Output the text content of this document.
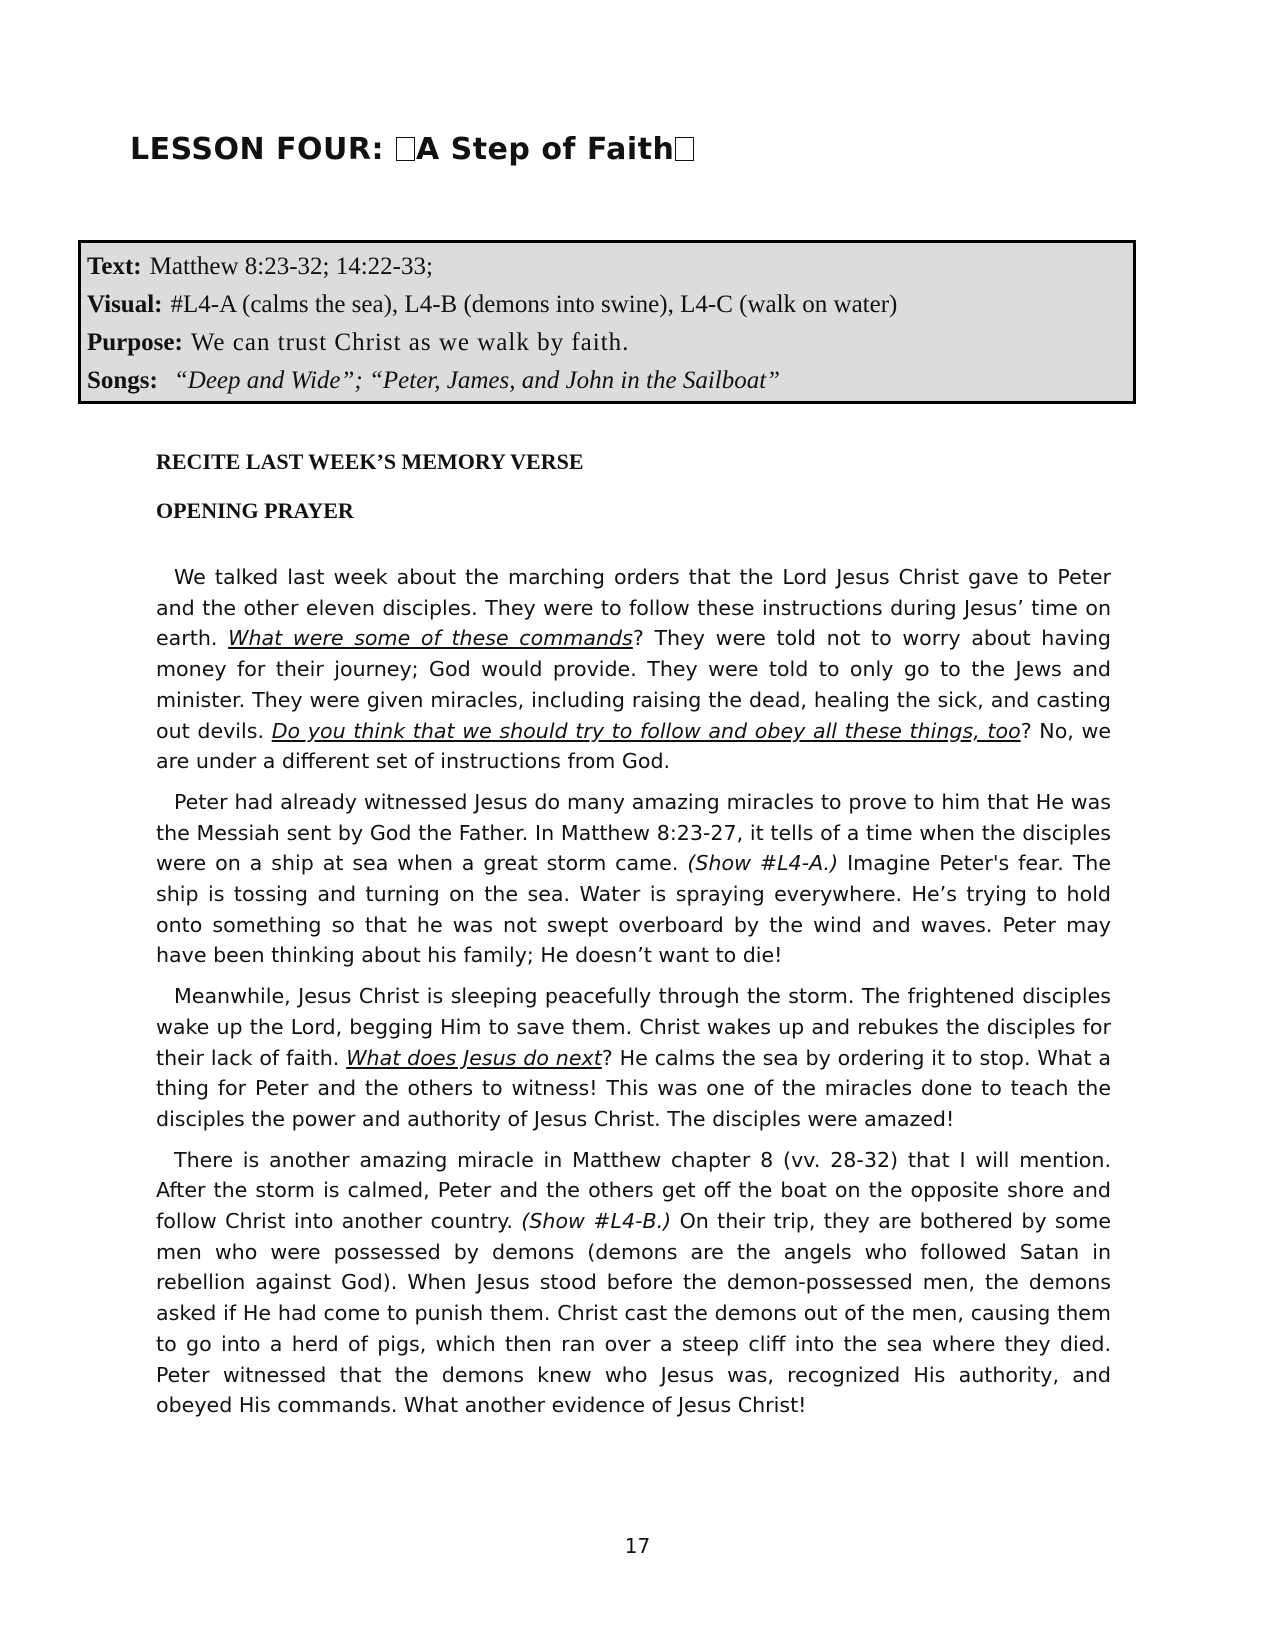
LESSON FOUR: A Step of Faith
Text: Matthew 8:23-32; 14:22-33;
Visual: #L4-A (calms the sea), L4-B (demons into swine), L4-C (walk on water)
Purpose: We can trust Christ as we walk by faith.
Songs: “Deep and Wide”; “Peter, James, and John in the Sailboat”
RECITE LAST WEEK’S MEMORY VERSE
OPENING PRAYER

We talked last week about the marching orders that the Lord Jesus Christ gave to Peter and the other eleven disciples. They were to follow these instructions during Jesus’ time on earth. What were some of these commands? They were told not to worry about having money for their journey; God would provide. They were told to only go to the Jews and minister. They were given miracles, including raising the dead, healing the sick, and casting out devils. Do you think that we should try to follow and obey all these things, too? No, we are under a different set of instructions from God.

Peter had already witnessed Jesus do many amazing miracles to prove to him that He was the Messiah sent by God the Father. In Matthew 8:23-27, it tells of a time when the disciples were on a ship at sea when a great storm came. (Show #L4-A.) Imagine Peter's fear. The ship is tossing and turning on the sea. Water is spraying everywhere. He’s trying to hold onto something so that he was not swept overboard by the wind and waves. Peter may have been thinking about his family; He doesn’t want to die!

Meanwhile, Jesus Christ is sleeping peacefully through the storm. The frightened disciples wake up the Lord, begging Him to save them. Christ wakes up and rebukes the disciples for their lack of faith. What does Jesus do next? He calms the sea by ordering it to stop. What a thing for Peter and the others to witness! This was one of the miracles done to teach the disciples the power and authority of Jesus Christ. The disciples were amazed!

There is another amazing miracle in Matthew chapter 8 (vv. 28-32) that I will mention. After the storm is calmed, Peter and the others get off the boat on the opposite shore and follow Christ into another country. (Show #L4-B.) On their trip, they are bothered by some men who were possessed by demons (demons are the angels who followed Satan in rebellion against God). When Jesus stood before the demon-possessed men, the demons asked if He had come to punish them. Christ cast the demons out of the men, causing them to go into a herd of pigs, which then ran over a steep cliff into the sea where they died. Peter witnessed that the demons knew who Jesus was, recognized His authority, and obeyed His commands. What another evidence of Jesus Christ!

17
